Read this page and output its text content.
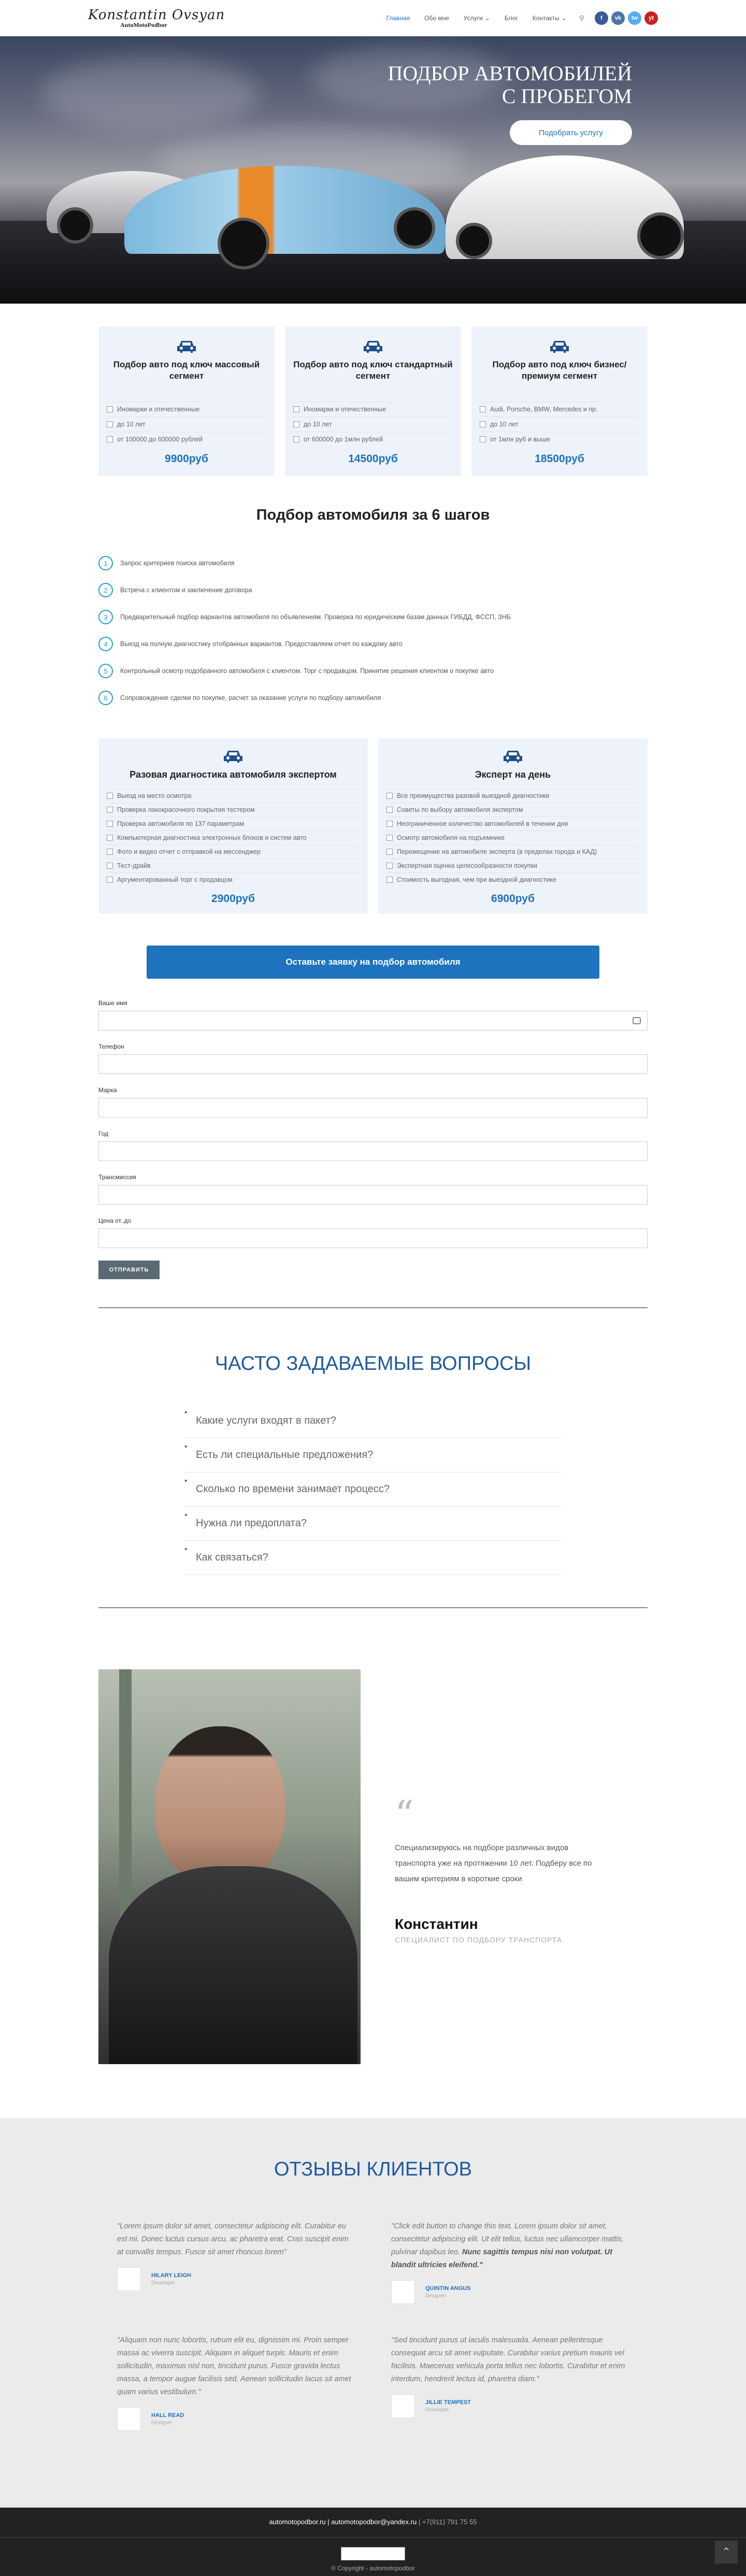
Konstantin Ovsyan
AutoMotoPodbor
Главная	Обо мне	Услуги ⌄	Блог	Контакты ⌄	⚲	f	vk	tw	yt
ПОДБОР АВТОМОБИЛЕЙ
С ПРОБЕГОМ
Подобрать услугу
Подбор авто под ключ массовый сегмент
Иномарки и отечественные
до 10 лет
от 100000 до 600000 рублей
9900руб
Подбор авто под ключ стандартный сегмент
Иномарки и отечественные
до 10 лет
от 600000 до 1млн рублей
14500руб
Подбор авто под ключ бизнес/премиум сегмент
Audi, Porsche, BMW, Mercedes и пр.
до 10 лет
от 1млн руб и выше
18500руб
Подбор автомобиля за 6 шагов
1	Запрос критериев поиска автомобиля
2	Встреча с клиентом и заключение договора
3	Предварительный подбор вариантов автомобиля по объявлениям. Проверка по юридическим базам данных ГИБДД, ФССП, ЗНБ
4	Выезд на полную диагностику отобранных вариантов. Предоставляем отчет по каждому авто
5	Контрольный осмотр подобранного автомобиля с клиентом. Торг с продавцом. Принятие решения клиентом о покупке авто
6	Сопровождение сделки по покупке, расчет за оказание услуги по подбору автомобиля
Разовая диагностика автомобиля экспертом
Выезд на место осмотра
Проверка лакокрасочного покрытия тестером
Проверка автомобиля по 137 параметрам
Компьютерная диагностика электронных блоков и систем авто
Фото и видео отчет с отправкой на мессенджер
Тест-драйв
Аргументированный торг с продавцом
2900руб
Эксперт на день
Все преимущества разовой выездной диагностики
Советы по выбору автомобиля экспертом
Неограниченное количество автомобилей в течении дня
Осмотр автомобиля на подъемнике
Перемещение на автомобиле эксперта (в пределах города и КАД)
Экспертная оценка целесообразности покупки
Стоимость выгодная, чем при выездной диагностике
6900руб
Оставьте заявку на подбор автомобиля
Ваше имя
Телефон
Марка
Год
Трансмиссия
Цена от..до
ОТПРАВИТЬ
ЧАСТО ЗАДАВАЕМЫЕ ВОПРОСЫ
• Какие услуги входят в пакет?
• Есть ли специальные предложения?
• Сколько по времени занимает процесс?
• Нужна ли предоплата?
• Как связаться?
“

Специализируюсь на подборе различных видов транспорта уже на протяжении 10 лет. Подберу все по вашим критериям в короткие сроки

Константин
СПЕЦИАЛИСТ ПО ПОДБОРУ ТРАНСПОРТА
ОТЗЫВЫ КЛИЕНТОВ

"Lorem ipsum dolor sit amet, consectetur adipiscing elit. Curabitur eu est mi. Donec luctus cursus arcu, ac pharetra erat. Cras suscipit enim at convallis tempus. Fusce sit amet rhoncus lorem"

HILARY LEIGH
Developer

"Click edit button to change this text. Lorem ipsum dolor sit amet, consectetur adipiscing elit. Ut elit tellus, luctus nec ullamcorper mattis, pulvinar dapibus leo. Nunc sagittis tempus nisi non volutpat. Ut blandit ultricies eleifend."

QUINTIN ANGUS
Designer

"Aliquam non nunc lobortis, rutrum elit eu, dignissim mi. Proin semper massa ac viverra suscipit. Aliquam in aliquet turpis. Mauris et enim sollicitudin, maximus nisl non, tincidunt purus. Fusce gravida lectus massa, a tempor augue facilisis sed. Aenean sollicitudin lacus sit amet quam varius vestibulum."

HALL READ
Designer

"Sed tincidunt purus ut iaculis malesuada. Aenean pellentesque consequat arcu sit amet vulputate. Curabitur varius pretium mauris vel facilisis. Maecenas vehicula porta tellus nec lobortis. Curabitur et enim interdum, hendrerit lectus id, pharetra diam."

JILLIE TEMPEST
Developer
automotopodbor.ru | automotopodbor@yandex.ru | +7(911) 791 75 55
© Copyright - automotopodbor
⌃
